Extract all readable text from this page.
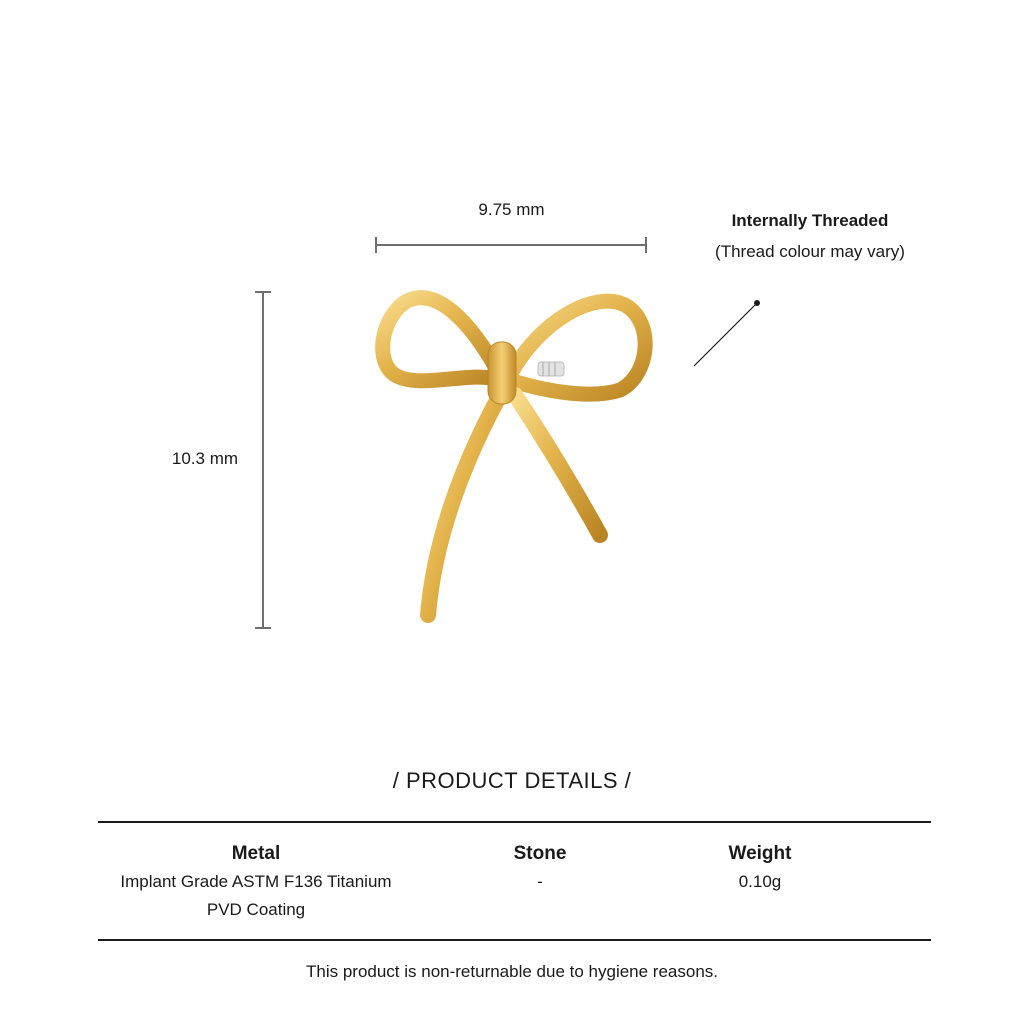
9.75 mm
10.3 mm
Internally Threaded
(Thread colour may vary)
/ PRODUCT DETAILS /
Metal
Implant Grade ASTM F136 Titanium
PVD Coating
Stone
-
Weight
0.10g
This product is non-returnable due to hygiene reasons.
